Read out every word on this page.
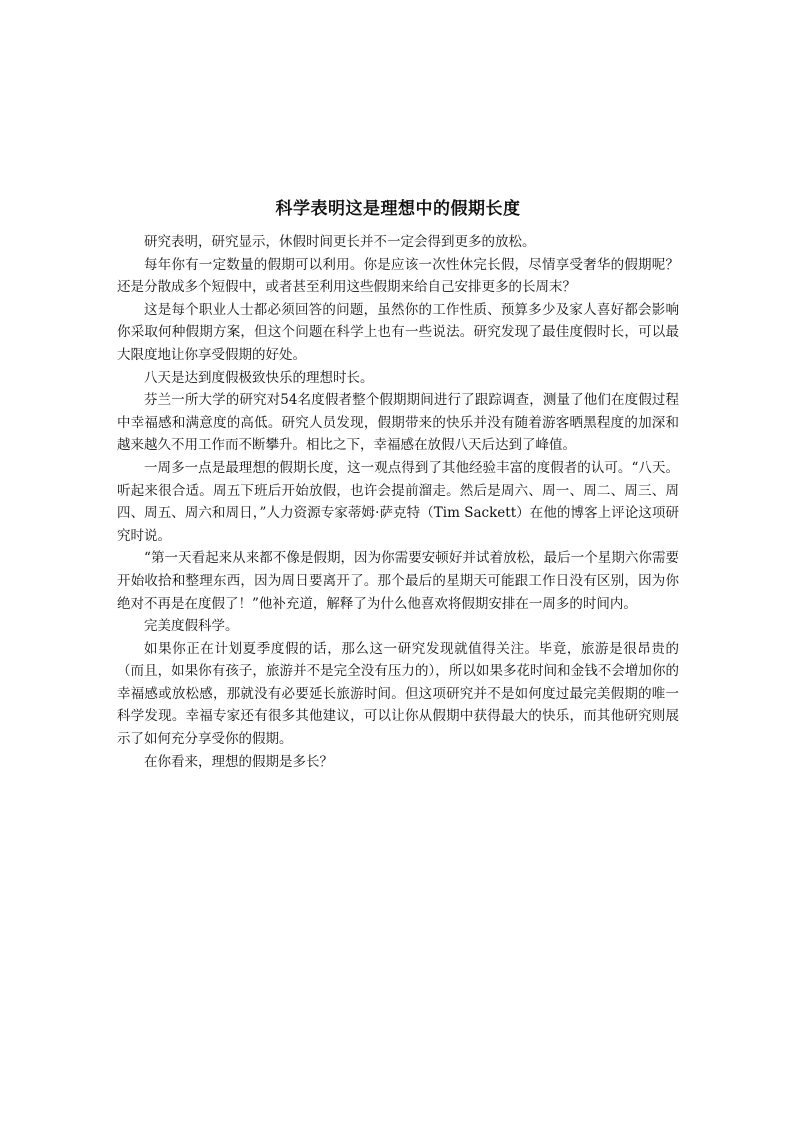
科学表明这是理想中的假期长度

研究表明，研究显示，休假时间更长并不一定会得到更多的放松。

每年你有一定数量的假期可以利用。你是应该一次性休完长假，尽情享受奢华的假期呢？还是分散成多个短假中，或者甚至利用这些假期来给自己安排更多的长周末？

这是每个职业人士都必须回答的问题，虽然你的工作性质、预算多少及家人喜好都会影响你采取何种假期方案，但这个问题在科学上也有一些说法。研究发现了最佳度假时长，可以最大限度地让你享受假期的好处。

八天是达到度假极致快乐的理想时长。

芬兰一所大学的研究对54名度假者整个假期期间进行了跟踪调查，测量了他们在度假过程中幸福感和满意度的高低。研究人员发现，假期带来的快乐并没有随着游客晒黑程度的加深和越来越久不用工作而不断攀升。相比之下，幸福感在放假八天后达到了峰值。

一周多一点是最理想的假期长度，这一观点得到了其他经验丰富的度假者的认可。“八天。听起来很合适。周五下班后开始放假，也许会提前溜走。然后是周六、周一、周二、周三、周四、周五、周六和周日，”人力资源专家蒂姆·萨克特（Tim Sackett）在他的博客上评论这项研究时说。

“第一天看起来从来都不像是假期，因为你需要安顿好并试着放松，最后一个星期六你需要开始收拾和整理东西，因为周日要离开了。那个最后的星期天可能跟工作日没有区别，因为你绝对不再是在度假了！”他补充道，解释了为什么他喜欢将假期安排在一周多的时间内。

完美度假科学。

如果你正在计划夏季度假的话，那么这一研究发现就值得关注。毕竟，旅游是很昂贵的（而且，如果你有孩子，旅游并不是完全没有压力的），所以如果多花时间和金钱不会增加你的幸福感或放松感，那就没有必要延长旅游时间。但这项研究并不是如何度过最完美假期的唯一科学发现。幸福专家还有很多其他建议，可以让你从假期中获得最大的快乐，而其他研究则展示了如何充分享受你的假期。

在你看来，理想的假期是多长？
